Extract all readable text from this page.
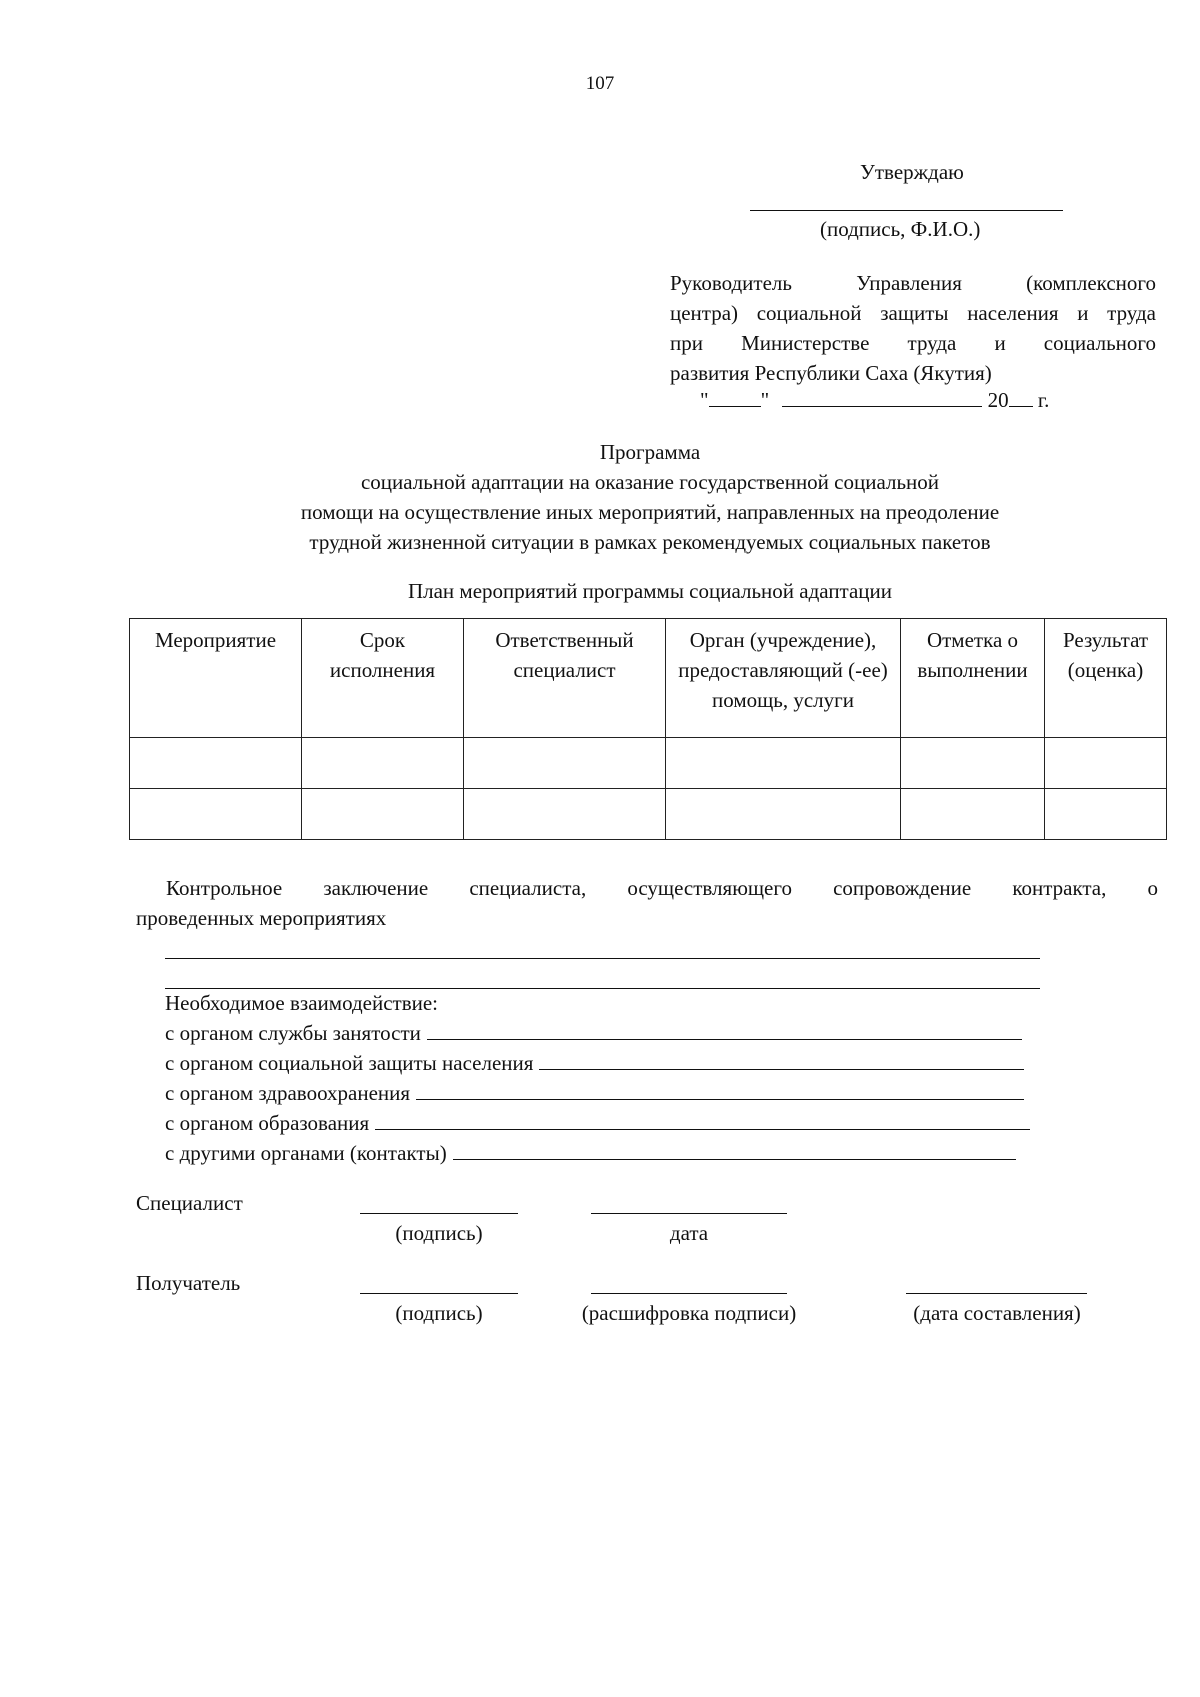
107
Утверждаю
(подпись, Ф.И.О.)
Руководитель Управления (комплексного
центра) социальной защиты населения и труда
при Министерстве труда и социального
развития Республики Саха (Якутия)
" "	20 г.
Программа
социальной адаптации на оказание государственной социальной
помощи на осуществление иных мероприятий, направленных на преодоление
трудной жизненной ситуации в рамках рекомендуемых социальных пакетов
План мероприятий программы социальной адаптации
Мероприятие	Срок исполнения	Ответственный специалист	Орган (учреждение), предоставляющий (-ее) помощь, услуги	Отметка о выполнении	Результат (оценка)

Контрольное заключение специалиста, осуществляющего сопровождение контракта, о
проведенных мероприятиях
Необходимое взаимодействие:
с органом службы занятости
с органом социальной защиты населения
с органом здравоохранения
с органом образования
с другими органами (контакты)
Специалист
(подпись)	дата
Получатель
(подпись)	(расшифровка подписи)	(дата составления)
